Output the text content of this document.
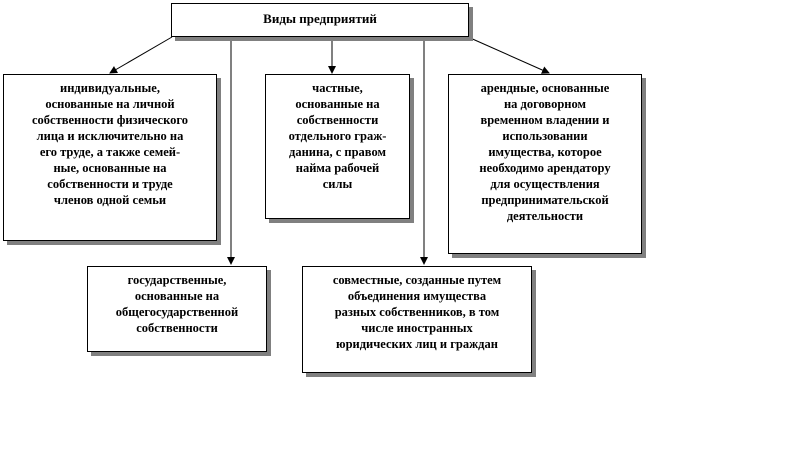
Виды предприятий
индивидуальные,
основанные на личной
собственности физического
лица и исключительно на
его труде, а также семей-
ные, основанные на
собственности и труде
членов одной семьи
частные,
основанные на
собственности
отдельного граж-
данина, с правом
найма рабочей
силы
арендные, основанные
на договорном
временном владении и
использовании
имущества, которое
необходимо арендатору
для осуществления
предпринимательской
деятельности
государственные,
основанные на
общегосударственной
собственности
совместные, созданные путем
объединения имущества
разных собственников, в том
числе иностранных
юридических лиц и граждан
